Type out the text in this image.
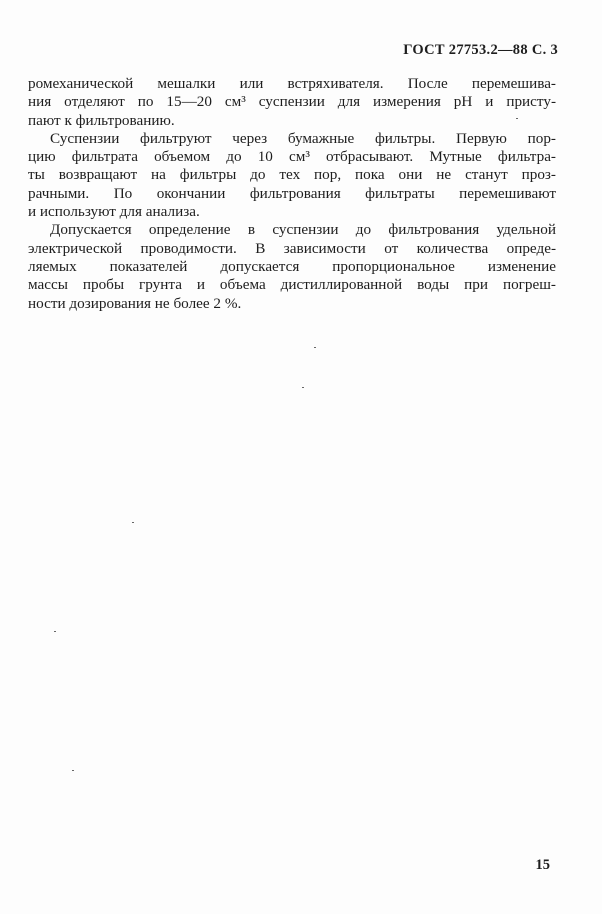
ГОСТ 27753.2—88 С. 3

ромеханической мешалки или встряхивателя. После перемешива-
ния отделяют по 15—20 см³ суспензии для измерения pH и присту-
пают к фильтрованию.

Суспензии фильтруют через бумажные фильтры. Первую пор-
цию фильтрата объемом до 10 см³ отбрасывают. Мутные фильтра-
ты возвращают на фильтры до тех пор, пока они не станут проз-
рачными. По окончании фильтрования фильтраты перемешивают
и используют для анализа.

Допускается определение в суспензии до фильтрования удельной
электрической проводимости. В зависимости от количества опреде-
ляемых показателей допускается пропорциональное изменение
массы пробы грунта и объема дистиллированной воды при погреш-
ности дозирования не более 2 %.

15
